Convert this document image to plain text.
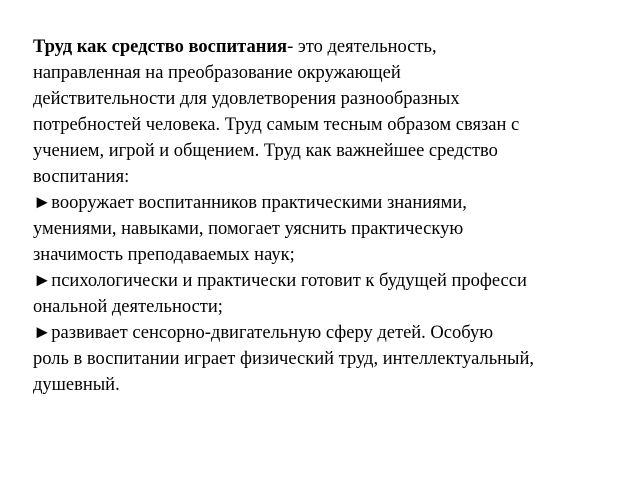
Труд как средство воспитания- это деятельность,
направленная на преобразование окружающей
действительности для удовлетворения разнообразных
потребностей человека. Труд самым тесным образом связан с
учением, игрой и общением. Труд как важнейшее средство
воспитания:
►вооружает воспитанников практическими знаниями,
умениями, навыками, помогает уяснить практическую
значимость преподаваемых наук;
►психологически и практически готовит к будущей професси
ональной деятельности;
►развивает сенсорно-двигательную сферу детей. Особую
роль в воспитании играет физический труд, интеллектуальный,
душевный.
